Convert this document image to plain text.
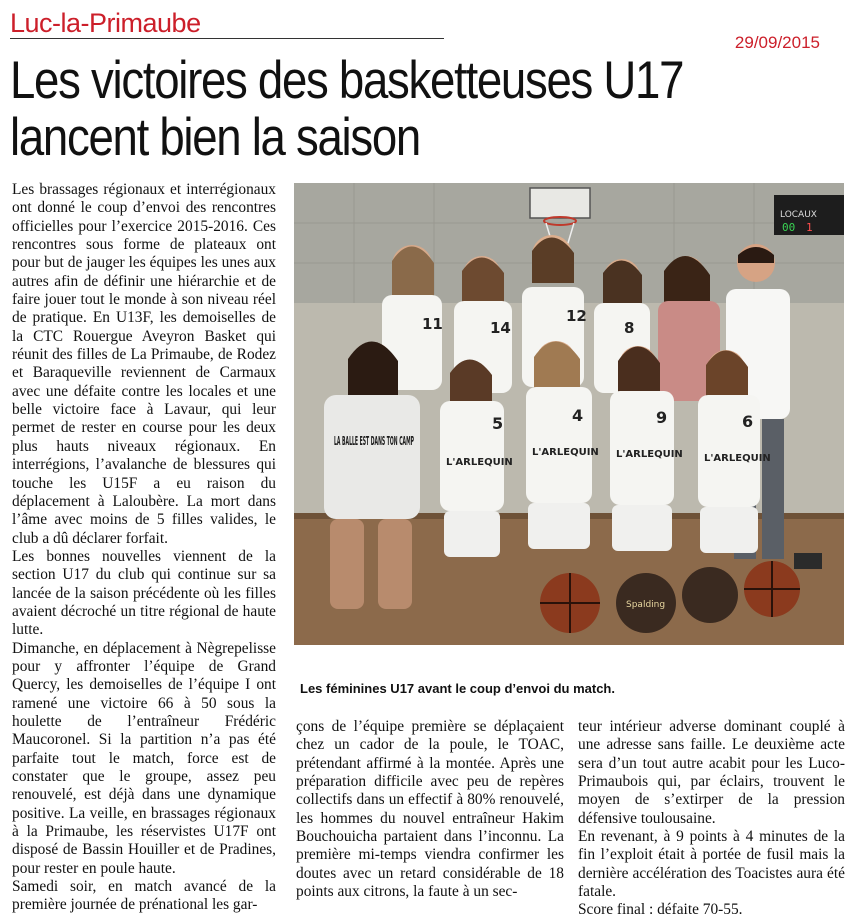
Luc-la-Primaube
29/09/2015
Les victoires des basketteuses U17 lancent bien la saison

Les brassages régionaux et interrégionaux ont donné le coup d’envoi des rencontres officielles pour l’exercice 2015-2016. Ces rencontres sous forme de plateaux ont pour but de jauger les équipes les unes aux autres afin de définir une hiérarchie et de faire jouer tout le monde à son niveau réel de pratique. En U13F, les demoiselles de la CTC Rouergue Aveyron Basket qui réunit des filles de La Primaube, de Rodez et Baraqueville reviennent de Carmaux avec une défaite contre les locales et une belle victoire face à Lavaur, qui leur permet de rester en course pour les deux plus hauts niveaux régionaux. En interrégions, l’avalanche de blessures qui touche les U15F a eu raison du déplacement à Laloubère. La mort dans l’âme avec moins de 5 filles valides, le club a dû déclarer forfait.

Les bonnes nouvelles viennent de la section U17 du club qui continue sur sa lancée de la saison précédente où les filles avaient décroché un titre régional de haute lutte.

Dimanche, en déplacement à Nègrepelisse pour y affronter l’équipe de Grand Quercy, les demoiselles de l’équipe I ont ramené une victoire 66 à 50 sous la houlette de l’entraîneur Frédéric Maucoronel. Si la partition n’a pas été parfaite tout le match, force est de constater que le groupe, assez peu renouvelé, est déjà dans une dynamique positive. La veille, en brassages régionaux à la Primaube, les réservistes U17F ont disposé de Bassin Houiller et de Pradines, pour rester en poule haute.

Samedi soir, en match avancé de la première journée de prénational les gar-

LOCAUX
00 1
11	14
12
8
LA BALLE EST DANS TON CAMP
5
L'ARLEQUIN
4
L'ARLEQUIN
9
L'ARLEQUIN
6
L'ARLEQUIN
Spalding
Les féminines U17 avant le coup d’envoi du match.

çons de l’équipe première se déplaçaient chez un cador de la poule, le TOAC, prétendant affirmé à la montée. Après une préparation difficile avec peu de repères collectifs dans un effectif à 80% renouvelé, les hommes du nouvel entraîneur Hakim Bouchouicha partaient dans l’inconnu. La première mi-temps viendra confirmer les doutes avec un retard considérable de 18 points aux citrons, la faute à un sec-

teur intérieur adverse dominant couplé à une adresse sans faille. Le deuxième acte sera d’un tout autre acabit pour les Luco-Primaubois qui, par éclairs, trouvent le moyen de s’extirper de la pression défensive toulousaine.

En revenant, à 9 points à 4 minutes de la fin l’exploit était à portée de fusil mais la dernière accélération des Toacistes aura été fatale.

Score final : défaite 70-55.
